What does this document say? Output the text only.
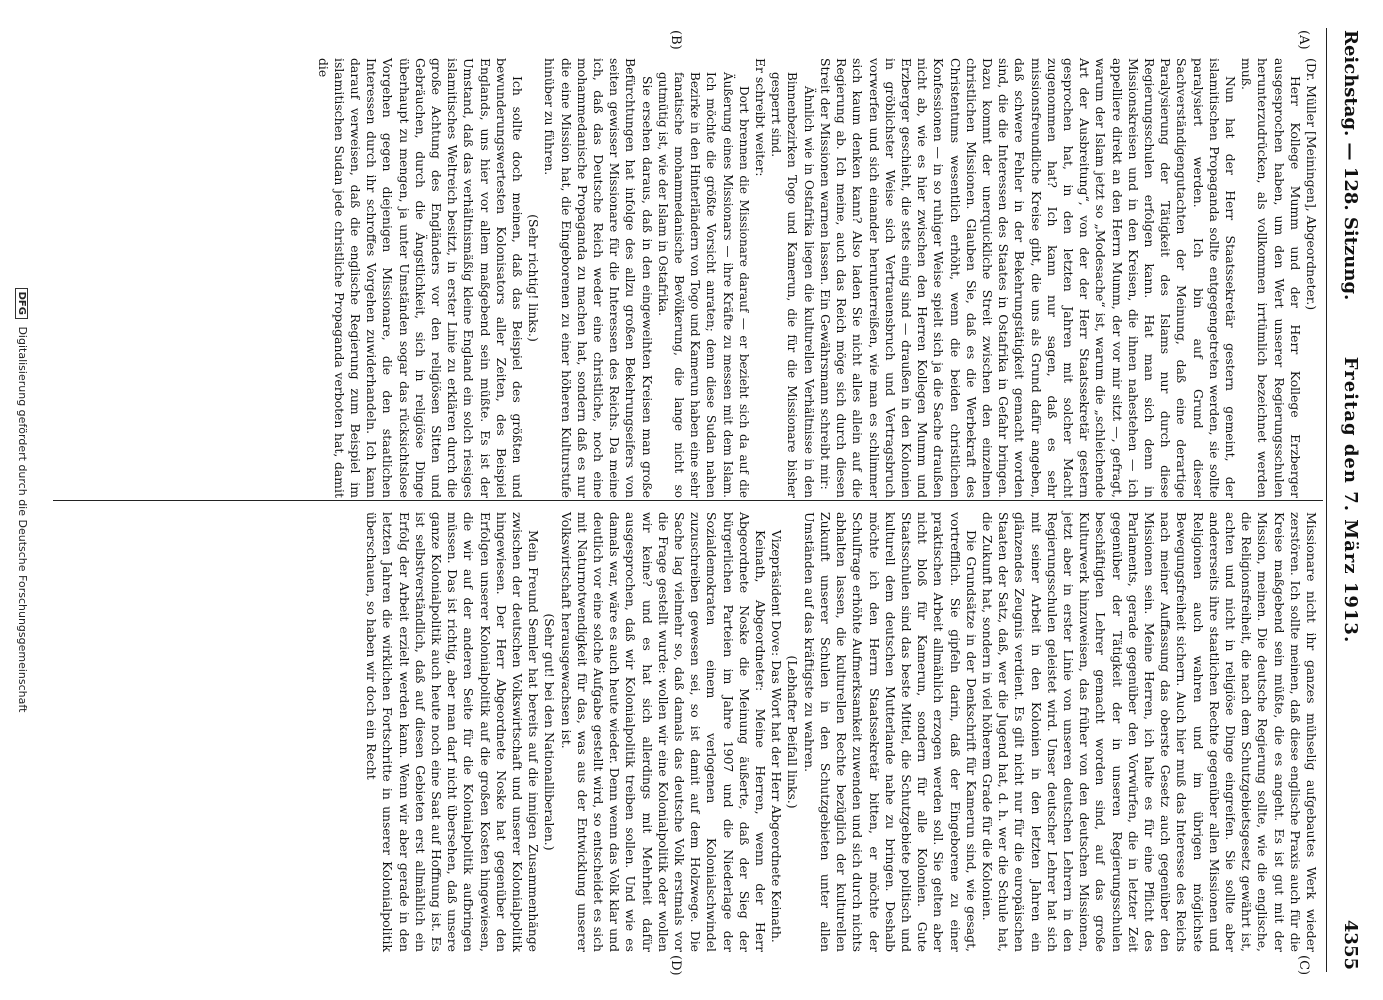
Reichstag. — 128. Sitzung.
Freitag den 7. März 1913.
4355
(A)
(B)
(C)
(D)

(Dr. Müller [Meiningen], Abgeordneter.)

Herr Kollege Mumm und der Herr Kollege Erzberger ausgesprochen haben, um den Wert unserer Regierungsschulen herunterzudrücken, als vollkommen irrtümlich bezeichnet werden muß.

Nun hat der Herr Staatssekretär gestern gemeint, der islamitischen Propaganda sollte entgegengetreten werden, sie sollte paralysiert werden. Ich bin auf Grund dieser Sachverständigengutachten der Meinung, daß eine derartige Paralysierung der Tätigkeit des Islams nur durch diese Regierungsschulen erfolgen kann. Hat man sich denn in Missionskreisen und in den Kreisen, die ihnen nahestehen — ich appelliere direkt an den Herrn Mumm, der vor mir sitzt —, gefragt, warum der Islam jetzt so „Modesache“ ist, warum die „schleichende Art der Ausbreitung“, von der der Herr Staatssekretär gestern gesprochen hat, in den letzten Jahren mit solcher Macht zugenommen hat? Ich kann nur sagen, daß es sehr missionsfreundliche Kreise gibt, die uns als Grund dafür angeben, daß schwere Fehler in der Bekehrungstätigkeit gemacht worden sind, die die Interessen des Staates in Ostafrika in Gefahr bringen. Dazu kommt der unerquickliche Streit zwischen den einzelnen christlichen Missionen. Glauben Sie, daß es die Werbekraft des Christentums wesentlich erhöht, wenn die beiden christlichen Konfessionen — in so ruhiger Weise spielt sich ja die Sache draußen nicht ab, wie es hier zwischen den Herren Kollegen Mumm und Erzberger geschieht, die stets einig sind — draußen in den Kolonien in gröblichster Weise sich Vertrauensbruch und Vertragsbruch vorwerfen und sich einander herunterreißen, wie man es schlimmer sich kaum denken kann? Also laden Sie nicht alles allein auf die Regierung ab. Ich meine, auch das Reich möge sich durch diesen Streit der Missionen warnen lassen. Ein Gewährsmann schreibt mir:

Ähnlich wie in Ostafrika liegen die kulturellen Verhältnisse in den Binnenbezirken Togo und Kamerun, die für die Missionare bisher gesperrt sind.

Er schreibt weiter:

Dort brennen die Missionare darauf — er bezieht sich da auf die Äußerung eines Missionars — ihre Kräfte zu messen mit dem Islam. Ich möchte die größte Vorsicht anraten; denn diese Sudan nahen Bezirke in den Hinterländern von Togo und Kamerun haben eine sehr fanatische mohammedanische Bevölkerung, die lange nicht so gutmütig ist, wie der Islam in Ostafrika.

Sie ersehen daraus, daß in den eingeweihten Kreisen man große Befürchtungen hat infolge des allzu großen Bekehrungseifers von seiten gewisser Missionare für die Interessen des Reichs. Da meine ich, daß das Deutsche Reich weder eine christliche, noch eine mohammedanische Propaganda zu machen hat, sondern daß es nur die eine Mission hat, die Eingeborenen zu einer höheren Kulturstufe hinüber zu führen.

(Sehr richtig! links.)

Ich sollte doch meinen, daß das Beispiel des größten und bewunderungswertesten Kolonisators aller Zeiten, des Beispiel Englands, uns hier vor allem maßgebend sein müßte. Es ist der Umstand, daß das verhältnismäßig kleine England ein solch riesiges islamitisches Weltreich besitzt, in erster Linie zu erklären durch die große Achtung des Engländers vor den religiösen Sitten und Gebräuchen, durch die Ängstlichkeit, sich in religiöse Dinge überhaupt zu mengen, ja unter Umständen sogar das rücksichtslose Vorgehen gegen diejenigen Missionare, die den staatlichen Interessen durch ihr schroffes Vorgehen zuwiderhandeln. Ich kann darauf verweisen, daß die englische Regierung zum Beispiel im islamitischen Sudan jede christliche Propaganda verboten hat, damit die

Missionare nicht ihr ganzes mühselig aufgebautes Werk wieder zerstören. Ich sollte meinen, daß diese englische Praxis auch für die Kreise maßgebend sein müßte, die es angeht. Es ist gut mit der Mission, meinen. Die deutsche Regierung sollte, wie die englische, die Religionsfreiheit, die nach dem Schutzgebietsgesetz gewährt ist, achten und nicht in religiöse Dinge eingreifen. Sie sollte aber andererseits ihre staatlichen Rechte gegenüber allen Missionen und Religionen auch wahren und im übrigen möglichste Bewegungsfreiheit sichern. Auch hier muß das Interesse des Reichs nach meiner Auffassung das oberste Gesetz auch gegenüber den Missionen sein. Meine Herren, ich halte es für eine Pflicht des Parlaments, gerade gegenüber den Vorwürfen, die in letzter Zeit gegenüber der Tätigkeit der in unseren Regierungsschulen beschäftigten Lehrer gemacht worden sind, auf das große Kulturwerk hinzuweisen, das früher von den deutschen Missionen, jetzt aber in erster Linie von unseren deutschen Lehrern in den Regierungsschulen geleistet wird. Unser deutscher Lehrer hat sich mit seiner Arbeit in den Kolonien in den letzten Jahren ein glänzendes Zeugnis verdient. Es gilt nicht nur für die europäischen Staaten der Satz, daß, wer die Jugend hat, d. h. wer die Schule hat, die Zukunft hat, sondern in viel höherem Grade für die Kolonien.

Die Grundsätze in der Denkschrift für Kamerun sind, wie gesagt, vortrefflich. Sie gipfeln darin, daß der Eingeborene zu einer praktischen Arbeit allmählich erzogen werden soll. Sie gelten aber nicht bloß für Kamerun, sondern für alle Kolonien. Gute Staatsschulen sind das beste Mittel, die Schutzgebiete politisch und kulturell dem deutschen Mutterlande nahe zu bringen. Deshalb möchte ich den Herrn Staatssekretär bitten, er möchte der Schulfrage erhöhte Aufmerksamkeit zuwenden und sich durch nichts abhalten lassen, die kulturellen Rechte bezüglich der kulturellen Zukunft unserer Schulen in den Schutzgebieten unter allen Umständen auf das kräftigste zu wahren.

(Lebhafter Beifall links.)

Vizepräsident Dove: Das Wort hat der Herr Abgeordnete Keinath.

Keinath, Abgeordneter: Meine Herren, wenn der Herr Abgeordnete Noske die Meinung äußerte, daß der Sieg der bürgerlichen Parteien im Jahre 1907 und die Niederlage der Sozialdemokraten einem verlogenen Kolonialschwindel zuzuschreiben gewesen sei, so ist damit auf dem Holzwege. Die Sache lag vielmehr so, daß damals das deutsche Volk erstmals vor die Frage gestellt wurde: wollen wir eine Kolonialpolitik oder wollen wir keine? und es hat sich allerdings mit Mehrheit dafür ausgesprochen, daß wir Kolonialpolitik treiben sollen. Und wie es damals war, wäre es auch heute wieder. Denn wenn das Volk klar und deutlich vor eine solche Aufgabe gestellt wird, so entscheidet es sich mit Naturnotwendigkeit für das, was aus der Entwicklung unserer Volkswirtschaft herausgewachsen ist.

(Sehr gut! bei den Nationalliberalen.)

Mein Freund Semler hat bereits auf die innigen Zusammenhänge zwischen der deutschen Volkswirtschaft und unserer Kolonialpolitik hingewiesen. Der Herr Abgeordnete Noske hat gegenüber den Erfolgen unserer Kolonialpolitik auf die großen Kosten hingewiesen, die wir auf der anderen Seite für die Kolonialpolitik aufbringen müssen. Das ist richtig, aber man darf nicht übersehen, daß unsere ganze Kolonialpolitik auch heute noch eine Saat auf Hoffnung ist. Es ist selbstverständlich, daß auf diesen Gebieten erst allmählich ein Erfolg der Arbeit erzielt werden kann. Wenn wir aber gerade in den letzten Jahren die wirklichen Fortschritte in unserer Kolonialpolitik überschauen, so haben wir doch ein Recht

DFG Digitalisierung gefördert durch die Deutsche Forschungsgemeinschaft
